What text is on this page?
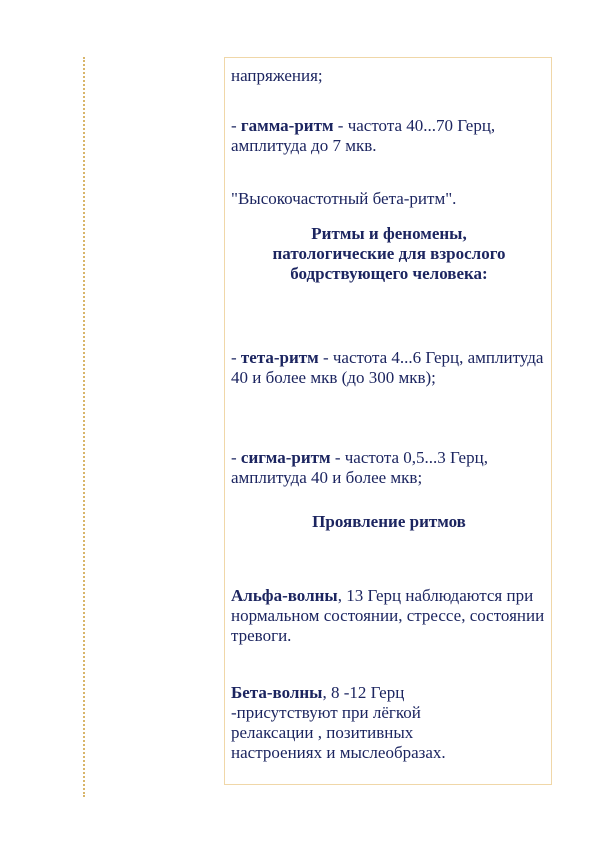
напряжения;

- гамма-ритм - частота 40...70 Герц, амплитуда до 7 мкв.

"Высокочастотный бета-ритм".

Ритмы и феномены, патологические для взрослого бодрствующего человека:

- тета-ритм - частота 4...6 Герц, амплитуда 40 и более мкв (до 300 мкв);

- сигма-ритм - частота 0,5...3 Герц, амплитуда 40 и более мкв;

Проявление ритмов

Альфа-волны, 13 Герц наблюдаются при нормальном состоянии, стрессе, состоянии тревоги.

Бета-волны, 8 -12 Герц -присутствуют при лёгкой релаксации , позитивных настроениях и мыслеобразах.
